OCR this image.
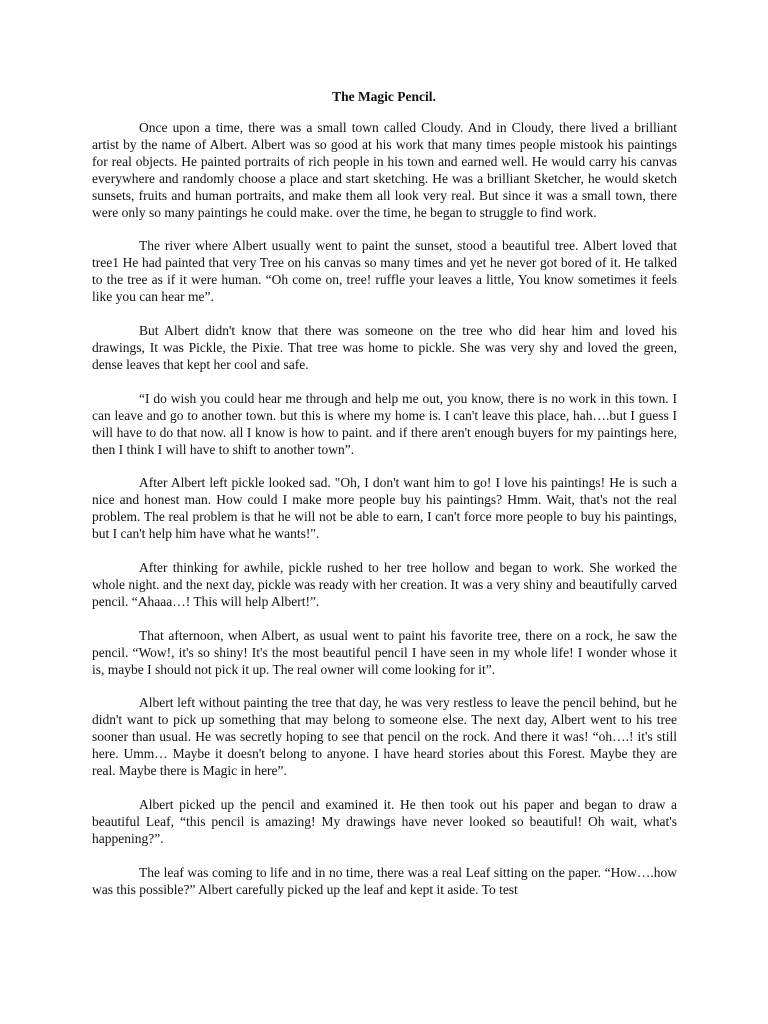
The Magic Pencil.

Once upon a time, there was a small town called Cloudy. And in Cloudy, there lived a brilliant artist by the name of Albert. Albert was so good at his work that many times people mistook his paintings for real objects. He painted portraits of rich people in his town and earned well. He would carry his canvas everywhere and randomly choose a place and start sketching. He was a brilliant Sketcher, he would sketch sunsets, fruits and human portraits, and make them all look very real. But since it was a small town, there were only so many paintings he could make. over the time, he began to struggle to find work.

The river where Albert usually went to paint the sunset, stood a beautiful tree. Albert loved that tree1 He had painted that very Tree on his canvas so many times and yet he never got bored of it. He talked to the tree as if it were human. “Oh come on, tree! ruffle your leaves a little, You know sometimes it feels like you can hear me”.

But Albert didn't know that there was someone on the tree who did hear him and loved his drawings, It was Pickle, the Pixie. That tree was home to pickle. She was very shy and loved the green, dense leaves that kept her cool and safe.

“I do wish you could hear me through and help me out, you know, there is no work in this town. I can leave and go to another town. but this is where my home is. I can't leave this place, hah….but I guess I will have to do that now. all I know is how to paint. and if there aren't enough buyers for my paintings here, then I think I will have to shift to another town”.

After Albert left pickle looked sad. "Oh, I don't want him to go! I love his paintings! He is such a nice and honest man. How could I make more people buy his paintings? Hmm. Wait, that's not the real problem. The real problem is that he will not be able to earn, I can't force more people to buy his paintings, but I can't help him have what he wants!".

After thinking for awhile, pickle rushed to her tree hollow and began to work. She worked the whole night. and the next day, pickle was ready with her creation. It was a very shiny and beautifully carved pencil. “Ahaaa…! This will help Albert!”.

That afternoon, when Albert, as usual went to paint his favorite tree, there on a rock, he saw the pencil. “Wow!, it's so shiny! It's the most beautiful pencil I have seen in my whole life! I wonder whose it is, maybe I should not pick it up. The real owner will come looking for it”.

Albert left without painting the tree that day, he was very restless to leave the pencil behind, but he didn't want to pick up something that may belong to someone else. The next day, Albert went to his tree sooner than usual. He was secretly hoping to see that pencil on the rock. And there it was! “oh….! it's still here. Umm… Maybe it doesn't belong to anyone. I have heard stories about this Forest. Maybe they are real. Maybe there is Magic in here”.

Albert picked up the pencil and examined it. He then took out his paper and began to draw a beautiful Leaf, “this pencil is amazing! My drawings have never looked so beautiful! Oh wait, what's happening?”.

The leaf was coming to life and in no time, there was a real Leaf sitting on the paper. “How….how was this possible?” Albert carefully picked up the leaf and kept it aside. To test
